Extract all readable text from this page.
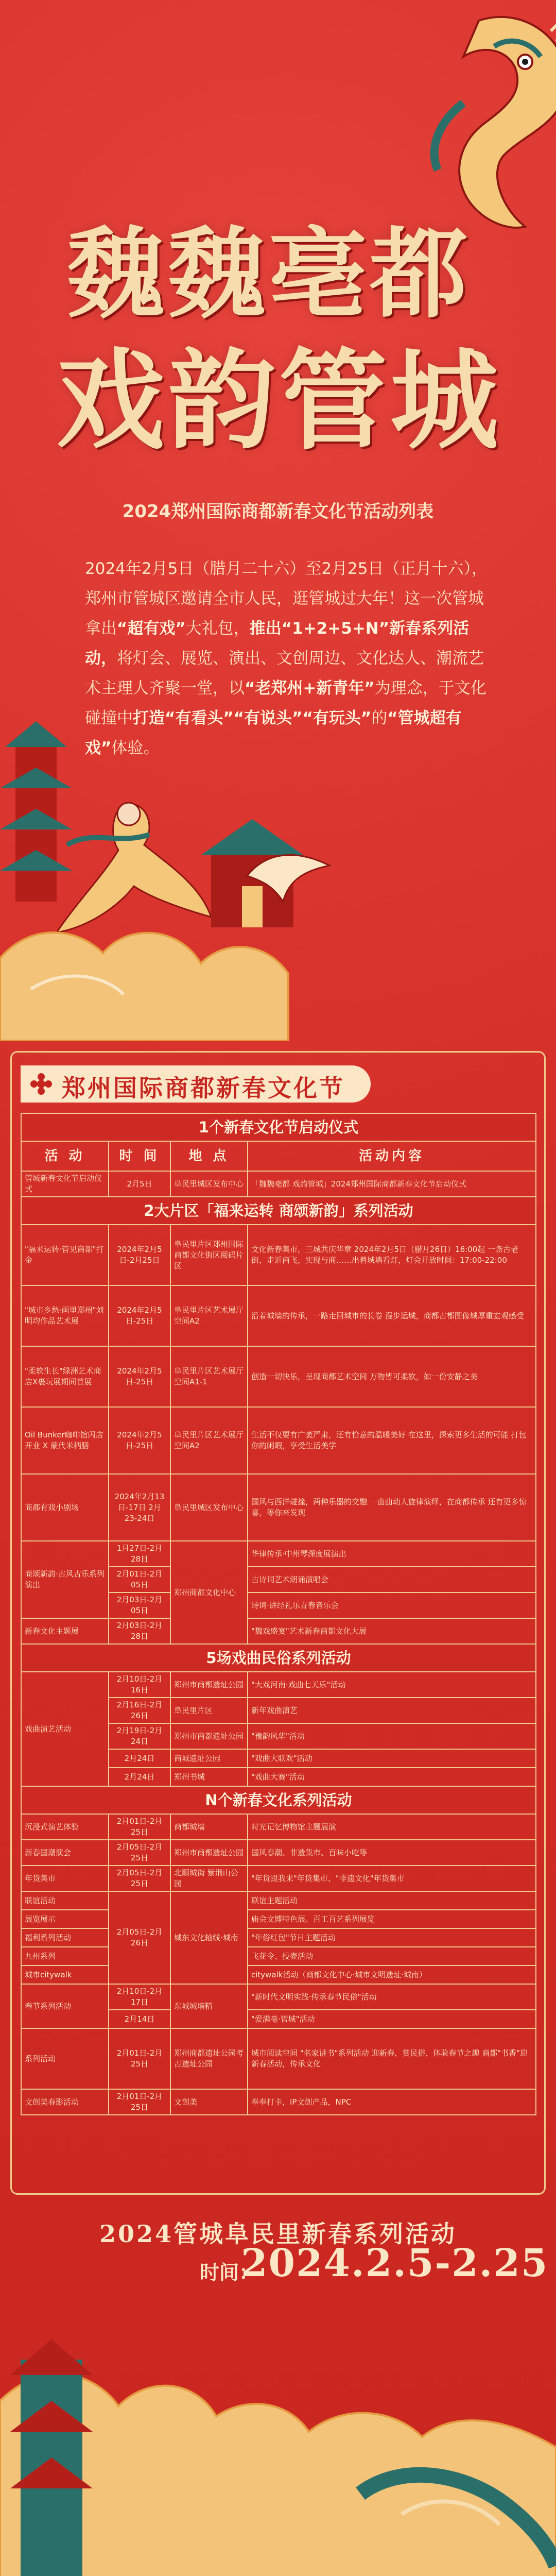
魏魏亳都
戏韵管城
2024郑州国际商都新春文化节活动列表

2024年2月5日（腊月二十六）至2月25日（正月十六），郑州市管城区邀请全市人民，逛管城过大年！这一次管城拿出“超有戏”大礼包，推出“1+2+5+N”新春系列活动，将灯会、展览、演出、文创周边、文化达人、潮流艺术主理人齐聚一堂，以“老郑州+新青年”为理念，于文化碰撞中打造“有看头”“有说头”“有玩头”的“管城超有戏”体验。

郑州国际商都新春文化节
1个新春文化节启动仪式			
活 动	时 间	地 点	活动内容
管城新春文化节启动仪式	2月5日	阜民里城区发布中心	「魏魏亳都 戏韵管城」2024郑州国际商都新春文化节启动仪式
2大片区「福来运转 商颂新韵」系列活动			
"福来运转·管见商都"打金	2024年2月5日-2月25日	阜民里片区郑州国际商都文化街区阅码片区	文化新春集市，三城共庆华章 2024年2月5日（腊月26日）16:00起 一条古老街，走近商飞，实现与商……出着城墙看灯，灯会开放时间：17:00-22:00
"城市乡愁·画里郑州"刘明均作品艺术展	2024年2月5日-25日	阜民里片区艺术展厅空间A2	沿着城墙的传承，一路走回城市的长卷 漫步运城，商都古都图像城厚重宏观感受
"柔软生长"绿洲艺术商店X裹玩展期间首展	2024年2月5日-25日	阜民里片区艺术展厅空间A1-1	创造一切快乐，呈现商都艺术空间 万物皆可柔软，如一份安静之美
Oil Bunker咖啡馆闪店开业 X 蒙代米柄膳	2024年2月5日-25日	阜民里片区艺术展厅空间A2	生活不仅要有广袤严肃，还有恰意的温暖美好 在这里，探索更多生活的可能 打包你的闲暇，享受生活美学
商都有戏小剧场	2024年2月13日-17日 2月23-24日	阜民里城区发布中心	国风与西洋碰撞，两种乐器的交融 一曲曲动人旋律演绎，在商都传承 还有更多惊喜，等你来发现
商颂新韵·古风古乐系列演出	1月27日-2月28日	郑州商都文化中心	华律传承·中州琴深度展演出
	2月01日-2月05日		古诗词艺术朗诵演唱会
	2月03日-2月05日		诗词·讲经礼乐青春音乐会
新春文化主题展	2月03日-2月28日		"魏戏盛宴"艺术新春商都文化大展
5场戏曲民俗系列活动			
戏曲演艺活动	2月10日-2月16日	郑州市商都遗址公园	"大戏河南·戏曲七天乐"活动
	2月16日-2月26日	阜民里片区	新年戏曲演艺
	2月19日-2月24日	郑州市商都遗址公园	"豫韵风华"活动
	2月24日	商城遗址公园	"戏曲大联欢"活动
	2月24日	郑州书城	"戏曲大赛"活动
N个新春文化系列活动			
沉浸式演艺体验	2月01日-2月25日	商都城墙	时光记忆博物馆主题展演
新春国潮演会	2月05日-2月25日	郑州市商都遗址公园	国风春潮、非遗集市、百味小吃等
年货集市	2月05日-2月25日	北顺城街 紫荆山公园	"年货跟我来"年货集市、"非遗文化"年货集市
联谊活动	2月05日-2月26日	城东文化轴线·城南	联谊主题活动
展览展示			庙会文博特色展、百工百艺系列展览
福利系列活动			"年俗红包"节日主题活动
九州系列			飞花令、投壶活动
城市citywalk			citywalk活动（商都文化中心·城市文明遗址·城南）
春节系列活动	2月10日-2月17日	东城城墙精	"新时代文明实践·传承春节民俗"活动
	2月14日		"爱满亳·管城"活动
系列活动	2月01日-2月25日	郑州商都遗址公园考古遗址公园	城市阅读空间 "名家讲书"系列活动 迎新春，赏民俗，体验春节之趣 商都"书香"迎新春活动，传承文化
文创美春影活动	2月01日-2月25日	文创美	奉奉打卡，IP文创产品，NPC
2024管城阜民里新春系列活动
时间：
2024.2.5-2.25
